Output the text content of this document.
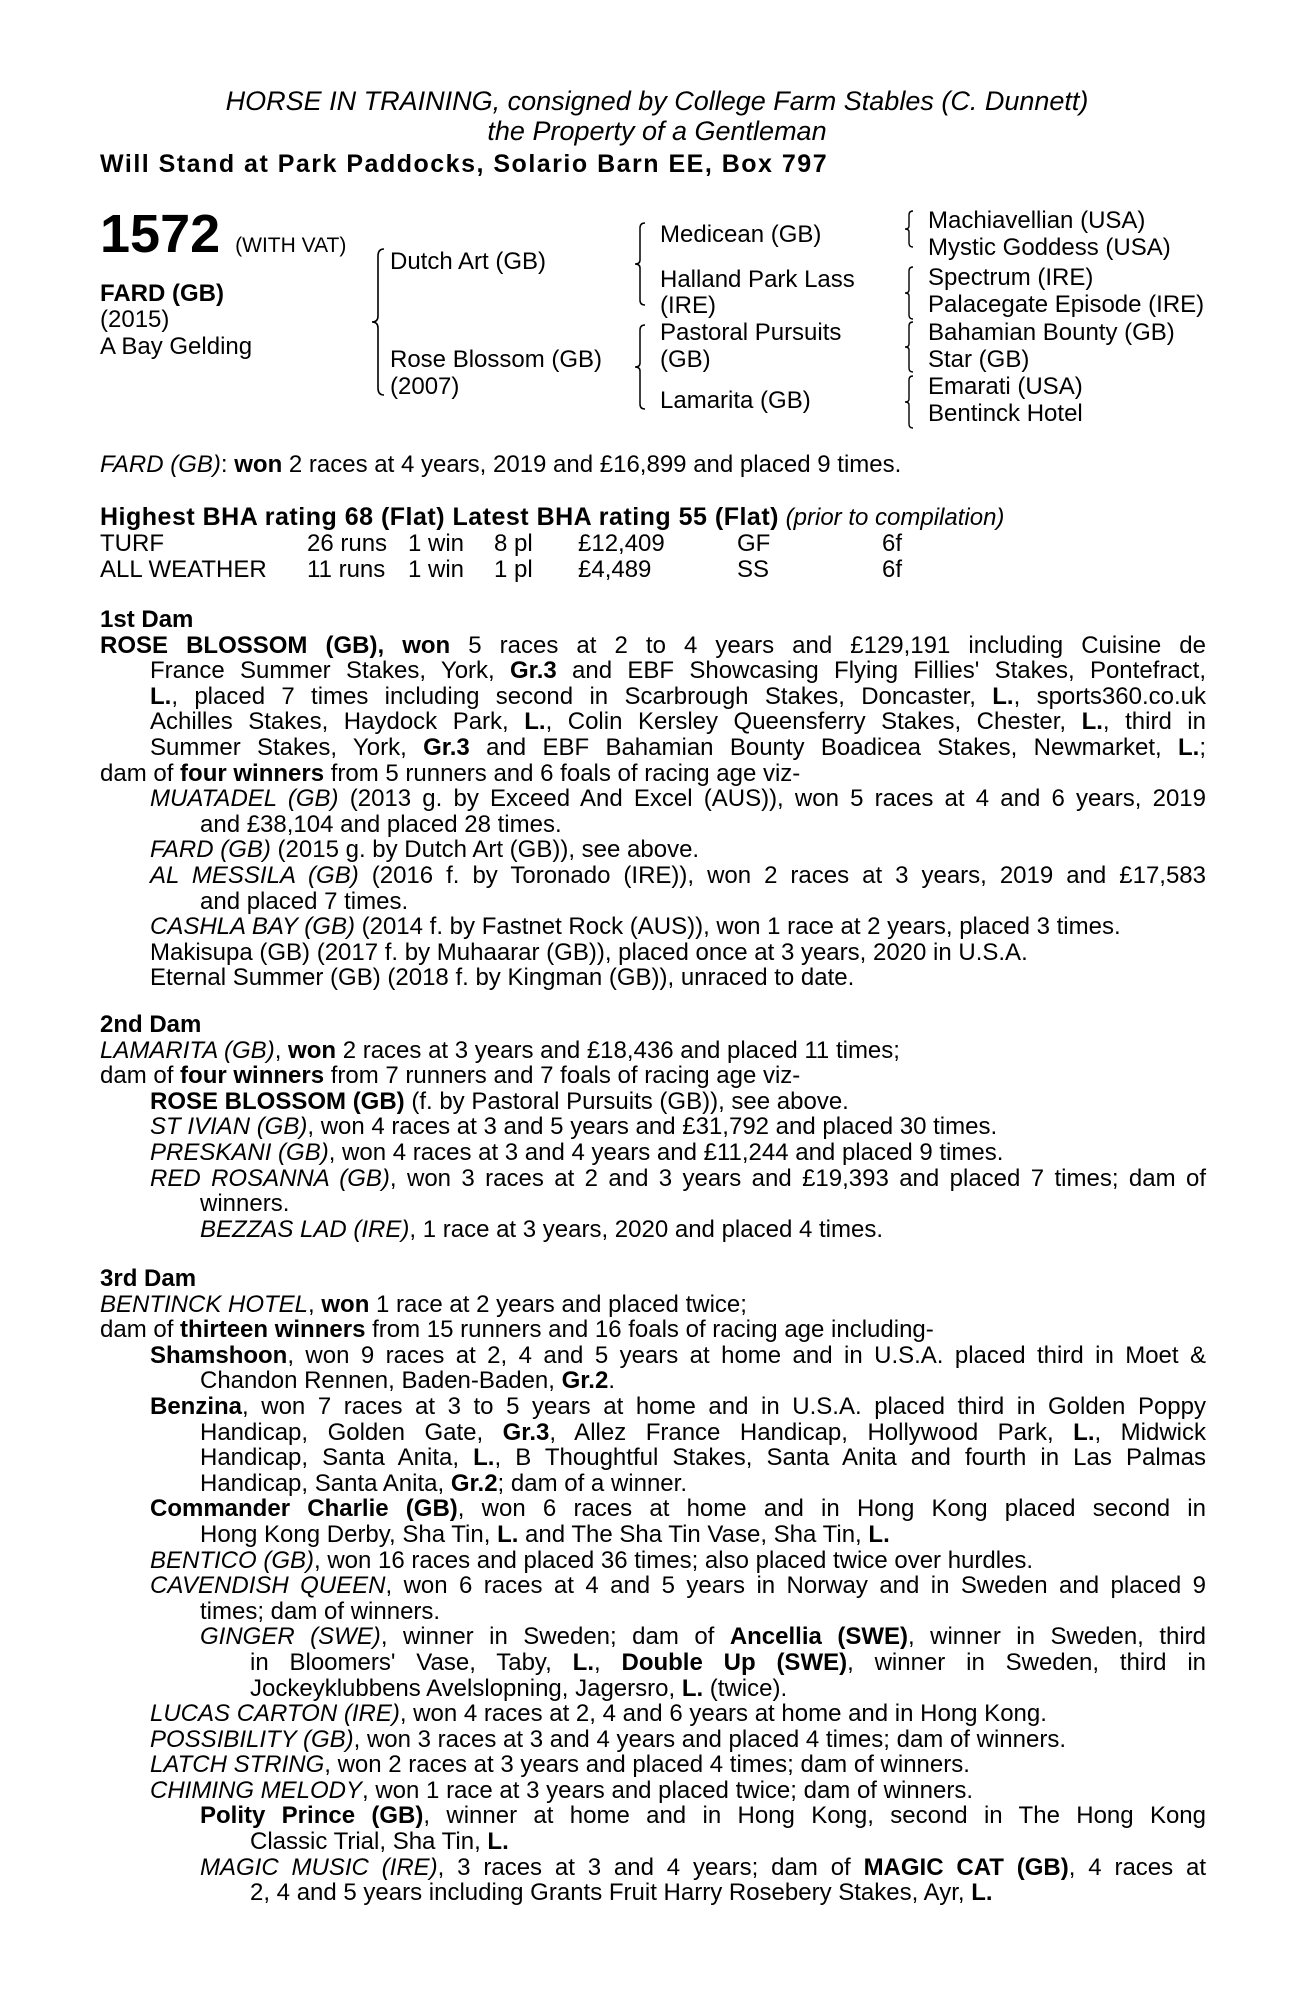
HORSE IN TRAINING, consigned by College Farm Stables (C. Dunnett)
the Property of a Gentleman
Will Stand at Park Paddocks, Solario Barn EE, Box 797
1572 (WITH VAT)
FARD (GB)
(2015)
A Bay Gelding
Dutch Art (GB)
Rose Blossom (GB)
(2007)
Medicean (GB)
Halland Park Lass
(IRE)
Pastoral Pursuits
(GB)
Lamarita (GB)
Machiavellian (USA)
Mystic Goddess (USA)
Spectrum (IRE)
Palacegate Episode (IRE)
Bahamian Bounty (GB)
Star (GB)
Emarati (USA)
Bentinck Hotel
FARD (GB): won 2 races at 4 years, 2019 and £16,899 and placed 9 times.
Highest BHA rating 68 (Flat) Latest BHA rating 55 (Flat) (prior to compilation)
TURF	26 runs 1 win 8 pl £12,409	GF	6f
ALL WEATHER 11 runs 1 win 1 pl £4,489	SS	6f
1st Dam
ROSE BLOSSOM (GB), won 5 races at 2 to 4 years and £129,191 including Cuisine de
France Summer Stakes, York, Gr.3 and EBF Showcasing Flying Fillies' Stakes, Pontefract,
L., placed 7 times including second in Scarbrough Stakes, Doncaster, L., sports360.co.uk
Achilles Stakes, Haydock Park, L., Colin Kersley Queensferry Stakes, Chester, L., third in
Summer Stakes, York, Gr.3 and EBF Bahamian Bounty Boadicea Stakes, Newmarket, L.;
dam of four winners from 5 runners and 6 foals of racing age viz-
MUATADEL (GB) (2013 g. by Exceed And Excel (AUS)), won 5 races at 4 and 6 years, 2019
and £38,104 and placed 28 times.
FARD (GB) (2015 g. by Dutch Art (GB)), see above.
AL MESSILA (GB) (2016 f. by Toronado (IRE)), won 2 races at 3 years, 2019 and £17,583
and placed 7 times.
CASHLA BAY (GB) (2014 f. by Fastnet Rock (AUS)), won 1 race at 2 years, placed 3 times.
Makisupa (GB) (2017 f. by Muhaarar (GB)), placed once at 3 years, 2020 in U.S.A.
Eternal Summer (GB) (2018 f. by Kingman (GB)), unraced to date.
2nd Dam
LAMARITA (GB), won 2 races at 3 years and £18,436 and placed 11 times;
dam of four winners from 7 runners and 7 foals of racing age viz-
ROSE BLOSSOM (GB) (f. by Pastoral Pursuits (GB)), see above.
ST IVIAN (GB), won 4 races at 3 and 5 years and £31,792 and placed 30 times.
PRESKANI (GB), won 4 races at 3 and 4 years and £11,244 and placed 9 times.
RED ROSANNA (GB), won 3 races at 2 and 3 years and £19,393 and placed 7 times; dam of
winners.
BEZZAS LAD (IRE), 1 race at 3 years, 2020 and placed 4 times.
3rd Dam
BENTINCK HOTEL, won 1 race at 2 years and placed twice;
dam of thirteen winners from 15 runners and 16 foals of racing age including-
Shamshoon, won 9 races at 2, 4 and 5 years at home and in U.S.A. placed third in Moet &
Chandon Rennen, Baden-Baden, Gr.2.
Benzina, won 7 races at 3 to 5 years at home and in U.S.A. placed third in Golden Poppy
Handicap, Golden Gate, Gr.3, Allez France Handicap, Hollywood Park, L., Midwick
Handicap, Santa Anita, L., B Thoughtful Stakes, Santa Anita and fourth in Las Palmas
Handicap, Santa Anita, Gr.2; dam of a winner.
Commander Charlie (GB), won 6 races at home and in Hong Kong placed second in
Hong Kong Derby, Sha Tin, L. and The Sha Tin Vase, Sha Tin, L.
BENTICO (GB), won 16 races and placed 36 times; also placed twice over hurdles.
CAVENDISH QUEEN, won 6 races at 4 and 5 years in Norway and in Sweden and placed 9
times; dam of winners.
GINGER (SWE), winner in Sweden; dam of Ancellia (SWE), winner in Sweden, third
in Bloomers' Vase, Taby, L., Double Up (SWE), winner in Sweden, third in
Jockeyklubbens Avelslopning, Jagersro, L. (twice).
LUCAS CARTON (IRE), won 4 races at 2, 4 and 6 years at home and in Hong Kong.
POSSIBILITY (GB), won 3 races at 3 and 4 years and placed 4 times; dam of winners.
LATCH STRING, won 2 races at 3 years and placed 4 times; dam of winners.
CHIMING MELODY, won 1 race at 3 years and placed twice; dam of winners.
Polity Prince (GB), winner at home and in Hong Kong, second in The Hong Kong
Classic Trial, Sha Tin, L.
MAGIC MUSIC (IRE), 3 races at 3 and 4 years; dam of MAGIC CAT (GB), 4 races at
2, 4 and 5 years including Grants Fruit Harry Rosebery Stakes, Ayr, L.
